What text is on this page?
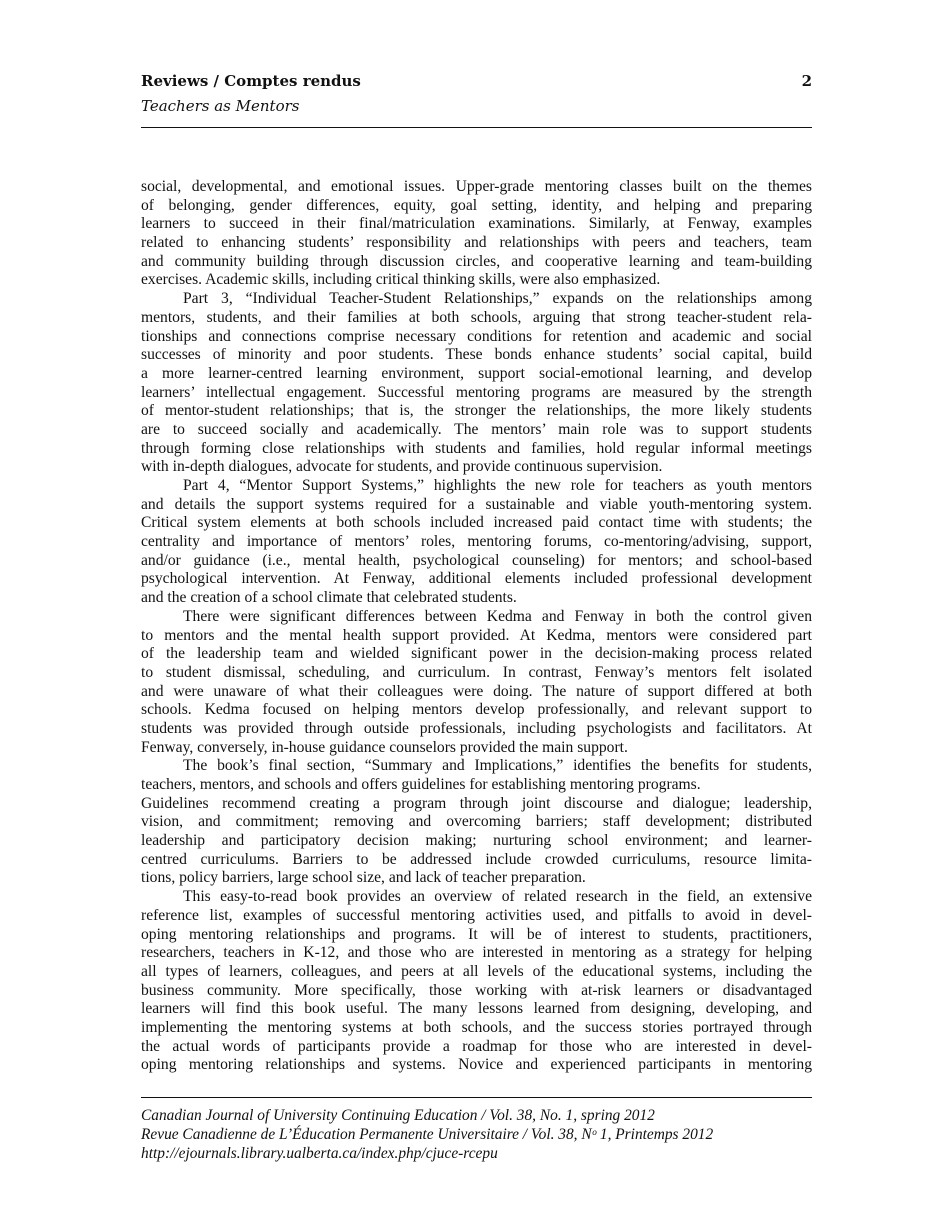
Reviews / Comptes rendus	2
Teachers as Mentors
social, developmental, and emotional issues. Upper-grade mentoring classes built on the themes
of belonging, gender differences, equity, goal setting, identity, and helping and preparing
learners to succeed in their final/matriculation examinations. Similarly, at Fenway, examples
related to enhancing students’ responsibility and relationships with peers and teachers, team
and community building through discussion circles, and cooperative learning and team-building
exercises. Academic skills, including critical thinking skills, were also emphasized.
Part 3, “Individual Teacher-Student Relationships,” expands on the relationships among
mentors, students, and their families at both schools, arguing that strong teacher-student rela-
tionships and connections comprise necessary conditions for retention and academic and social
successes of minority and poor students. These bonds enhance students’ social capital, build
a more learner-centred learning environment, support social-emotional learning, and develop
learners’ intellectual engagement. Successful mentoring programs are measured by the strength
of mentor-student relationships; that is, the stronger the relationships, the more likely students
are to succeed socially and academically. The mentors’ main role was to support students
through forming close relationships with students and families, hold regular informal meetings
with in-depth dialogues, advocate for students, and provide continuous supervision.
Part 4, “Mentor Support Systems,” highlights the new role for teachers as youth mentors
and details the support systems required for a sustainable and viable youth-mentoring system.
Critical system elements at both schools included increased paid contact time with students; the
centrality and importance of mentors’ roles, mentoring forums, co-mentoring/advising, support,
and/or guidance (i.e., mental health, psychological counseling) for mentors; and school-based
psychological intervention. At Fenway, additional elements included professional development
and the creation of a school climate that celebrated students.
There were significant differences between Kedma and Fenway in both the control given
to mentors and the mental health support provided. At Kedma, mentors were considered part
of the leadership team and wielded significant power in the decision-making process related
to student dismissal, scheduling, and curriculum. In contrast, Fenway’s mentors felt isolated
and were unaware of what their colleagues were doing. The nature of support differed at both
schools. Kedma focused on helping mentors develop professionally, and relevant support to
students was provided through outside professionals, including psychologists and facilitators. At
Fenway, conversely, in-house guidance counselors provided the main support.
The book’s final section, “Summary and Implications,” identifies the benefits for students,
teachers, mentors, and schools and offers guidelines for establishing mentoring programs.
Guidelines recommend creating a program through joint discourse and dialogue; leadership,
vision, and commitment; removing and overcoming barriers; staff development; distributed
leadership and participatory decision making; nurturing school environment; and learner-
centred curriculums. Barriers to be addressed include crowded curriculums, resource limita-
tions, policy barriers, large school size, and lack of teacher preparation.
This easy-to-read book provides an overview of related research in the field, an extensive
reference list, examples of successful mentoring activities used, and pitfalls to avoid in devel-
oping mentoring relationships and programs. It will be of interest to students, practitioners,
researchers, teachers in K-12, and those who are interested in mentoring as a strategy for helping
all types of learners, colleagues, and peers at all levels of the educational systems, including the
business community. More specifically, those working with at-risk learners or disadvantaged
learners will find this book useful. The many lessons learned from designing, developing, and
implementing the mentoring systems at both schools, and the success stories portrayed through
the actual words of participants provide a roadmap for those who are interested in devel-
oping mentoring relationships and systems. Novice and experienced participants in mentoring
Canadian Journal of University Continuing Education / Vol. 38, No. 1, spring 2012
Revue Canadienne de L’Éducation Permanente Universitaire / Vol. 38, Nᵒ 1, Printemps 2012
http://ejournals.library.ualberta.ca/index.php/cjuce-rcepu
